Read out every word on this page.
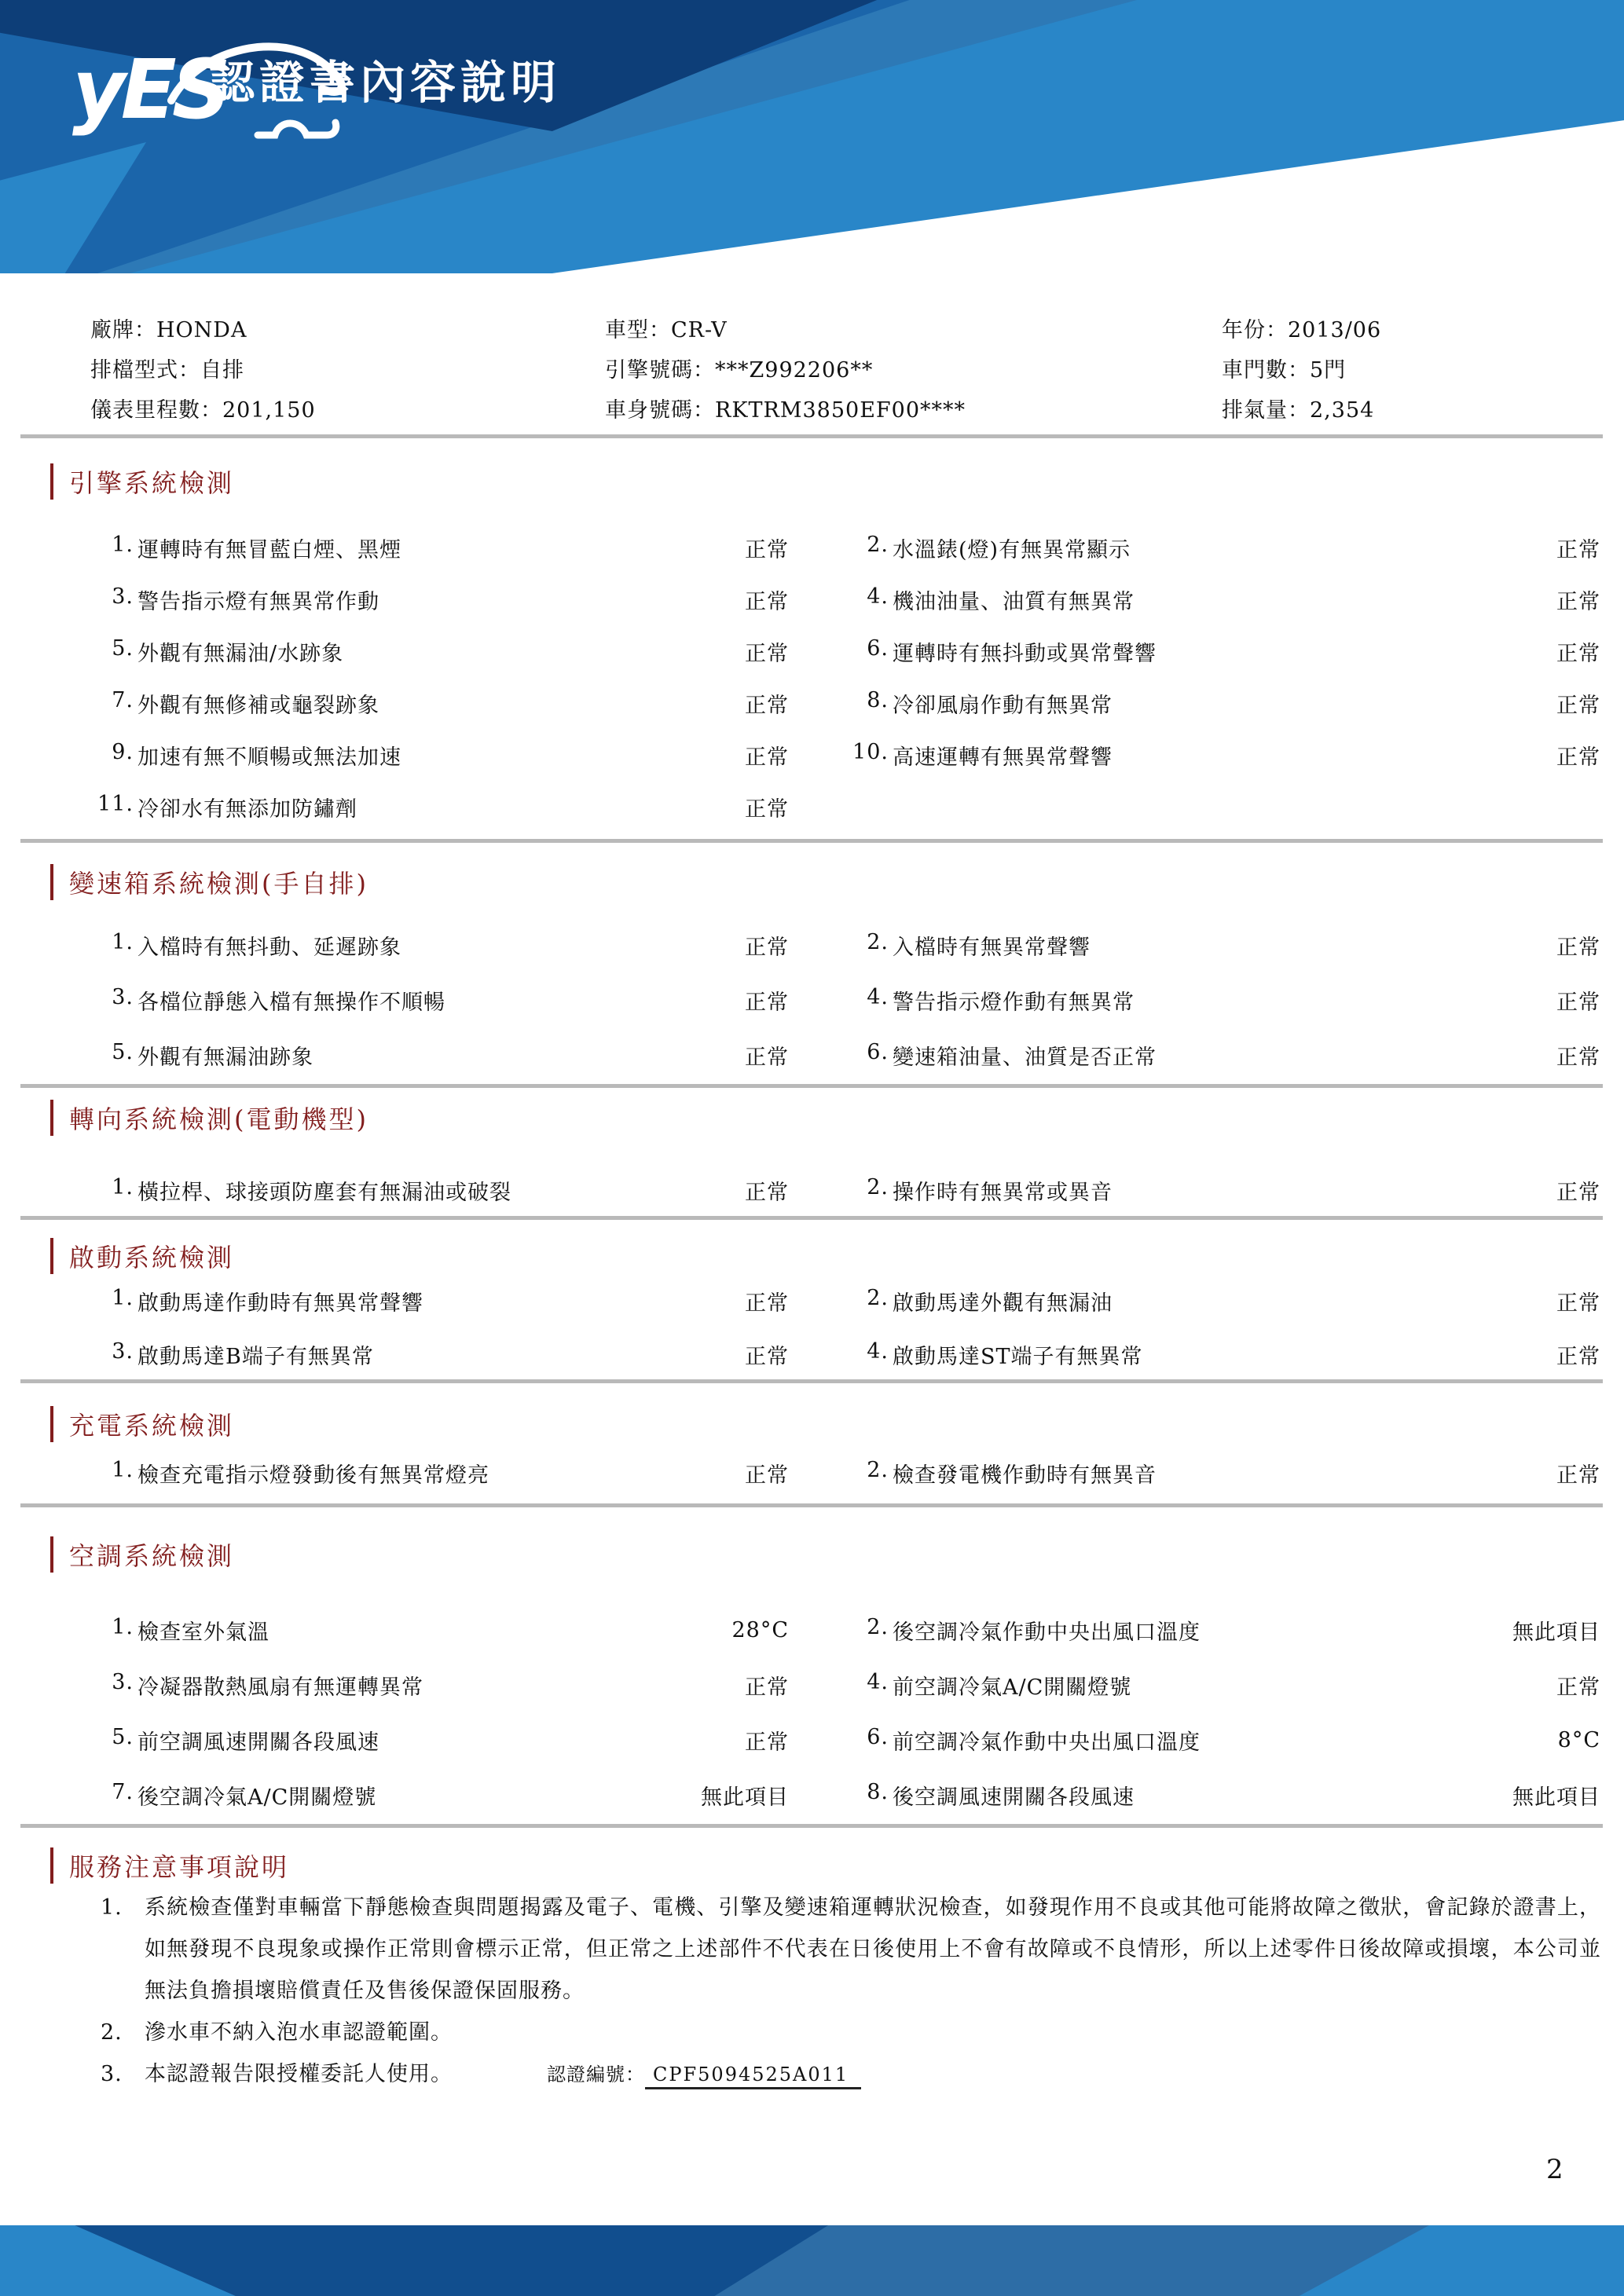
yES
認證書內容說明
廠牌：HONDA	車型：CR-V	年份：2013/06
排檔型式：自排	引擎號碼：***Z992206**	車門數：5門
儀表里程數：201,150	車身號碼：RKTRM3850EF00****	排氣量：2,354
引擎系統檢測
1. 運轉時有無冒藍白煙、黑煙	正常	2. 水溫錶(燈)有無異常顯示	正常
3. 警告指示燈有無異常作動	正常	4. 機油油量、油質有無異常	正常
5. 外觀有無漏油/水跡象	正常	6. 運轉時有無抖動或異常聲響	正常
7. 外觀有無修補或龜裂跡象	正常	8. 冷卻風扇作動有無異常	正常
9. 加速有無不順暢或無法加速	正常	10. 高速運轉有無異常聲響	正常
11. 冷卻水有無添加防鏽劑	正常
變速箱系統檢測(手自排)
1. 入檔時有無抖動、延遲跡象	正常	2. 入檔時有無異常聲響	正常
3. 各檔位靜態入檔有無操作不順暢	正常	4. 警告指示燈作動有無異常	正常
5. 外觀有無漏油跡象	正常	6. 變速箱油量、油質是否正常	正常
轉向系統檢測(電動機型)
1. 橫拉桿、球接頭防塵套有無漏油或破裂	正常	2. 操作時有無異常或異音	正常
啟動系統檢測
1. 啟動馬達作動時有無異常聲響	正常	2. 啟動馬達外觀有無漏油	正常
3. 啟動馬達B端子有無異常	正常	4. 啟動馬達ST端子有無異常	正常
充電系統檢測
1. 檢查充電指示燈發動後有無異常燈亮	正常	2. 檢查發電機作動時有無異音	正常
空調系統檢測
1. 檢查室外氣溫	28°C	2. 後空調冷氣作動中央出風口溫度	無此項目
3. 冷凝器散熱風扇有無運轉異常	正常	4. 前空調冷氣A/C開關燈號	正常
5. 前空調風速開關各段風速	正常	6. 前空調冷氣作動中央出風口溫度	8°C
7. 後空調冷氣A/C開關燈號	無此項目	8. 後空調風速開關各段風速	無此項目
服務注意事項說明
1.	系統檢查僅對車輛當下靜態檢查與問題揭露及電子、電機、引擎及變速箱運轉狀況檢查，如發現作用不良或其他可能將故障之徵狀，會記錄於證書上，如無發現不良現象或操作正常則會標示正常，但正常之上述部件不代表在日後使用上不會有故障或不良情形，所以上述零件日後故障或損壞，本公司並無法負擔損壞賠償責任及售後保證保固服務。
2.	滲水車不納入泡水車認證範圍。
3.	本認證報告限授權委託人使用。	認證編號： CPF5094525A011
2
